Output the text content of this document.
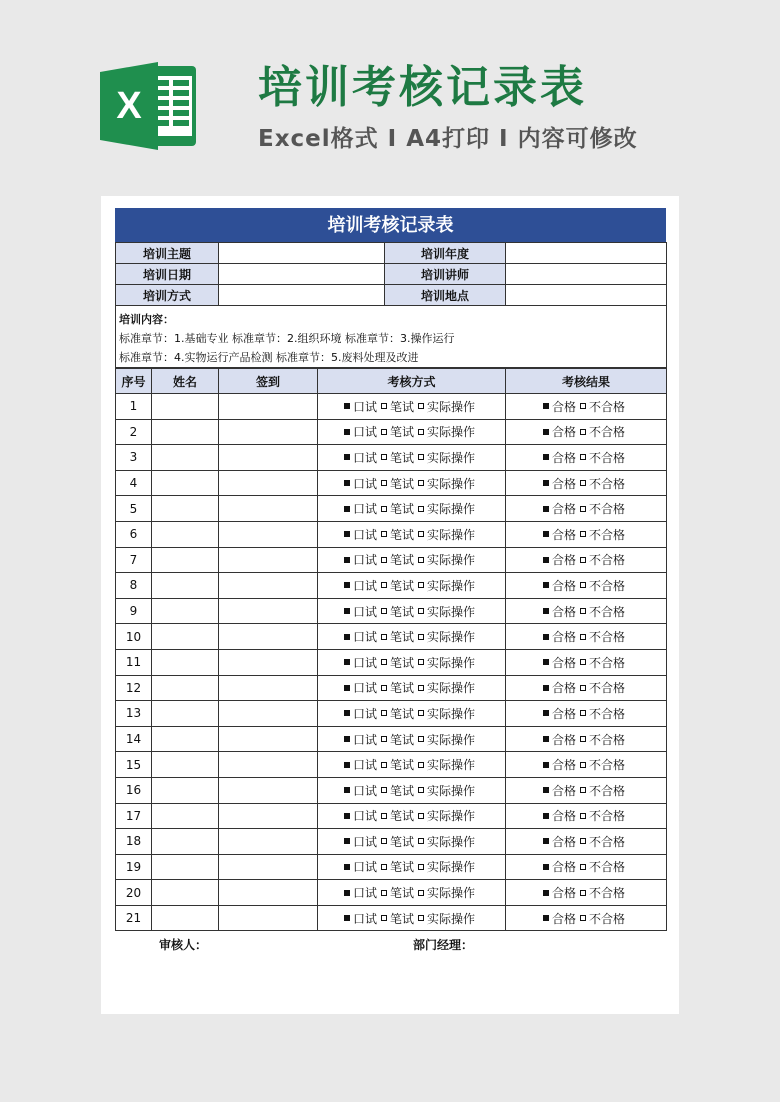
X	培训考核记录表
Excel格式 I A4打印 I 内容可修改
培训考核记录表
培训主题		培训年度	
培训日期		培训讲师	
培训方式		培训地点	

培训内容：
标准章节：1.基础专业 标准章节：2.组织环境 标准章节：3.操作运行
标准章节：4.实物运行产品检测 标准章节：5.废料处理及改进			
序号	姓名	签到	考核方式	考核结果
1			口试 笔试 实际操作	合格 不合格
2			口试 笔试 实际操作	合格 不合格
3			口试 笔试 实际操作	合格 不合格
4			口试 笔试 实际操作	合格 不合格
5			口试 笔试 实际操作	合格 不合格
6			口试 笔试 实际操作	合格 不合格
7			口试 笔试 实际操作	合格 不合格
8			口试 笔试 实际操作	合格 不合格
9			口试 笔试 实际操作	合格 不合格
10			口试 笔试 实际操作	合格 不合格
11			口试 笔试 实际操作	合格 不合格
12			口试 笔试 实际操作	合格 不合格
13			口试 笔试 实际操作	合格 不合格
14			口试 笔试 实际操作	合格 不合格
15			口试 笔试 实际操作	合格 不合格
16			口试 笔试 实际操作	合格 不合格
17			口试 笔试 实际操作	合格 不合格
18			口试 笔试 实际操作	合格 不合格
19			口试 笔试 实际操作	合格 不合格
20			口试 笔试 实际操作	合格 不合格
21			口试 笔试 实际操作	合格 不合格
审核人：	部门经理：
